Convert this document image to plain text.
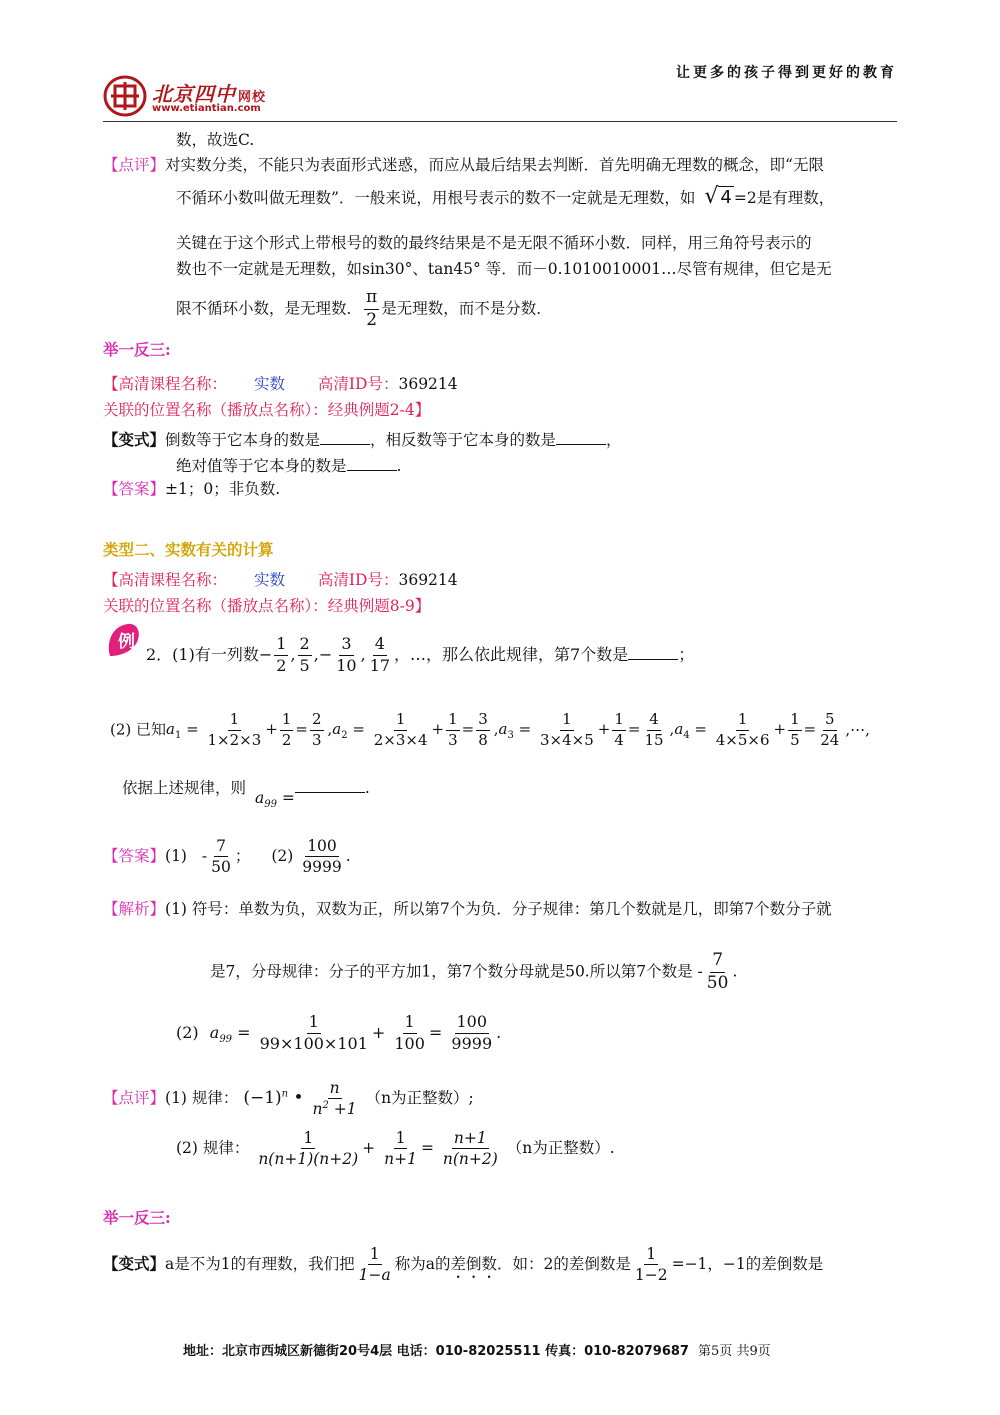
让更多的孩子得到更好的教育
北京四中 网校
www.etiantian.com
数，故选C.
【点评】对实数分类，不能只为表面形式迷惑，而应从最后结果去判断．首先明确无理数的概念，即“无限
不循环小数叫做无理数”．一般来说，用根号表示的数不一定就是无理数，如 √ 4 =2是有理数，
关键在于这个形式上带根号的数的最终结果是不是无限不循环小数．同样，用三角符号表示的
数也不一定就是无理数，如sin30°、tan45° 等．而－0.1010010001…尽管有规律，但它是无
限不循环小数，是无理数． $\frac{\pi}{2}$ 是无理数，而不是分数．
举一反三:
【高清课程名称： 实数 高清ID号：369214
关联的位置名称（播放点名称）：经典例题2-4】
【变式】倒数等于它本身的数是	，相反数等于它本身的数是	，
绝对值等于它本身的数是	.
【答案】±1；0；非负数.
类型二、实数有关的计算
【高清课程名称： 实数 高清ID号：369214
关联的位置名称（播放点名称）：经典例题8-9】
例
2．(1)有一列数− $\frac{1}{2}$ , $\frac{2}{5}$ ,− $\frac{3}{10}$ , $\frac{4}{17}$ ，…，那么依此规律，第7个数是	；
(2) 已知$a_1 = \frac{1}{1\times 2\times 3} + \frac{1}{2} = \frac{2}{3} ,a_2 = \frac{1}{2\times 3\times 4} + \frac{1}{3} = \frac{3}{8} ,a_3 = \frac{1}{3\times 4\times 5} + \frac{1}{4} = \frac{4}{15} ,a_4 = \frac{1}{4\times 5\times 6} + \frac{1}{5} = \frac{5}{24}$ ,⋯,
依据上述规律，则 $a_{99}$ =.
【答案】$(1) - \frac{7}{50}$ ； $(2) \frac{100}{9999}$ .
【解析】(1) 符号：单数为负，双数为正，所以第7个为负．分子规律：第几个数就是几，即第7个数分子就
是7，分母规律：分子的平方加1，第7个数分母就是50.所以第7个数是 - $\frac{7}{50}$ .
(2) $a_{99} = \frac{1}{99\times 100\times 101} + \frac{1}{100} = \frac{100}{9999}$ .
【点评】(1) 规律： $(-1)^n$ • $\frac{n}{n^2 +1} (n$为正整数）;
(2) 规律： $\frac{1}{n(n+1)(n+2)} + \frac{1}{n+1} = \frac{n+1}{n(n+2)} (n$为正整数）.
举一反三:
【变式】a是不为1的有理数，我们把 $\frac{1}{1-a}$ 称为a的差倒数．如：2的差倒数是 $\frac{1}{1-2} =-1$，−1的差倒数是
地址：北京市西城区新德街20号4层 电话：010-82025511 传真：010-82079687 第5页 共9页
